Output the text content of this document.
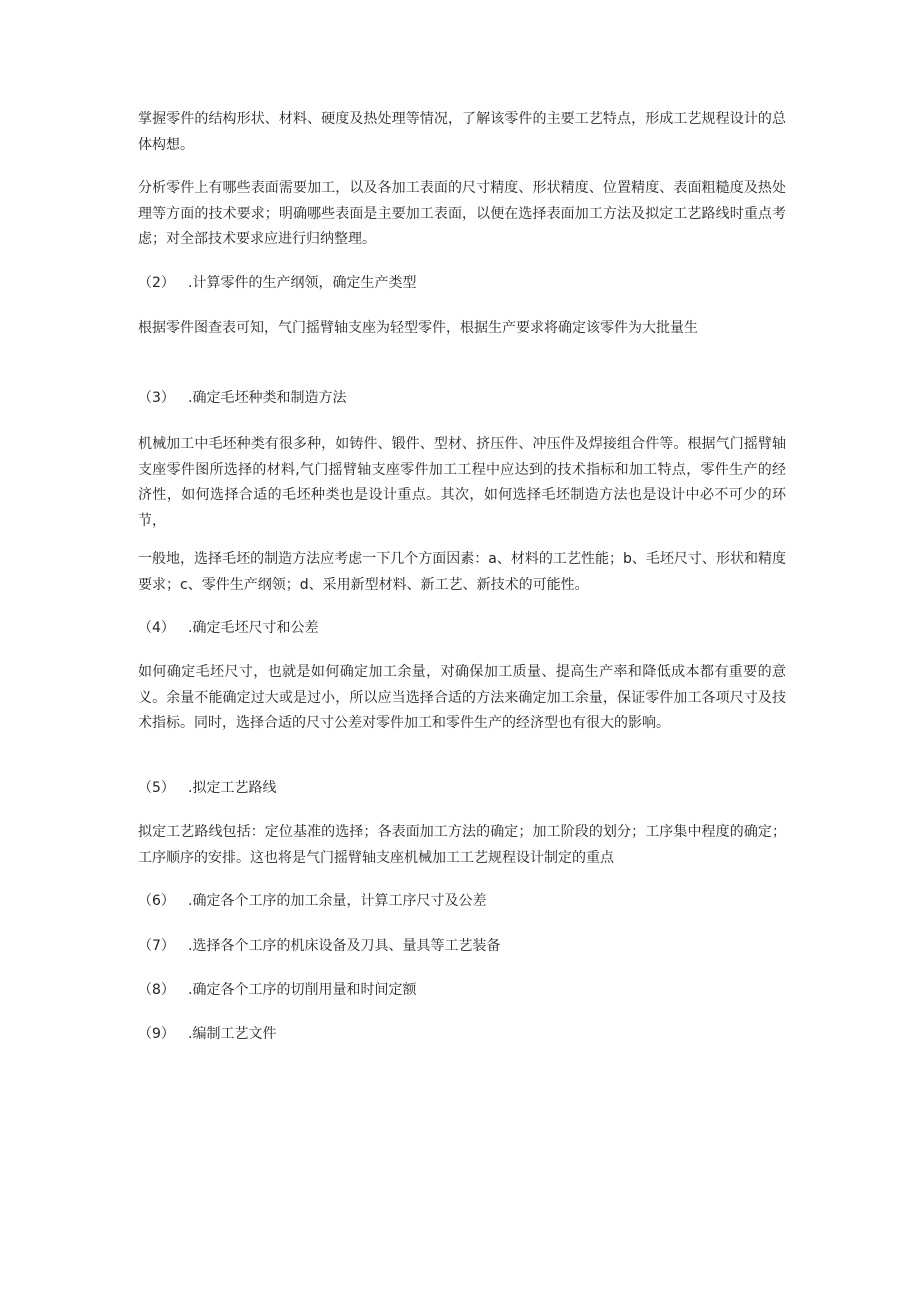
掌握零件的结构形状、材料、硬度及热处理等情况，了解该零件的主要工艺特点，形成工艺规程设计的总体构想。

分析零件上有哪些表面需要加工，以及各加工表面的尺寸精度、形状精度、位置精度、表面粗糙度及热处理等方面的技术要求；明确哪些表面是主要加工表面，以便在选择表面加工方法及拟定工艺路线时重点考虑；对全部技术要求应进行归纳整理。

（2） .计算零件的生产纲领，确定生产类型

根据零件图查表可知，气门摇臂轴支座为轻型零件，根据生产要求将确定该零件为大批量生

（3） .确定毛坯种类和制造方法

机械加工中毛坯种类有很多种，如铸件、锻件、型材、挤压件、冲压件及焊接组合件等。根据气门摇臂轴支座零件图所选择的材料,气门摇臂轴支座零件加工工程中应达到的技术指标和加工特点，零件生产的经济性，如何选择合适的毛坯种类也是设计重点。其次，如何选择毛坯制造方法也是设计中必不可少的环节，

一般地，选择毛坯的制造方法应考虑一下几个方面因素：a、材料的工艺性能；b、毛坯尺寸、形状和精度要求；c、零件生产纲领；d、采用新型材料、新工艺、新技术的可能性。

（4） .确定毛坯尺寸和公差

如何确定毛坯尺寸，也就是如何确定加工余量，对确保加工质量、提高生产率和降低成本都有重要的意义。余量不能确定过大或是过小，所以应当选择合适的方法来确定加工余量，保证零件加工各项尺寸及技术指标。同时，选择合适的尺寸公差对零件加工和零件生产的经济型也有很大的影响。

（5） .拟定工艺路线

拟定工艺路线包括：定位基准的选择；各表面加工方法的确定；加工阶段的划分；工序集中程度的确定；工序顺序的安排。这也将是气门摇臂轴支座机械加工工艺规程设计制定的重点

（6） .确定各个工序的加工余量，计算工序尺寸及公差
（7） .选择各个工序的机床设备及刀具、量具等工艺装备
（8） .确定各个工序的切削用量和时间定额
（9） .编制工艺文件
